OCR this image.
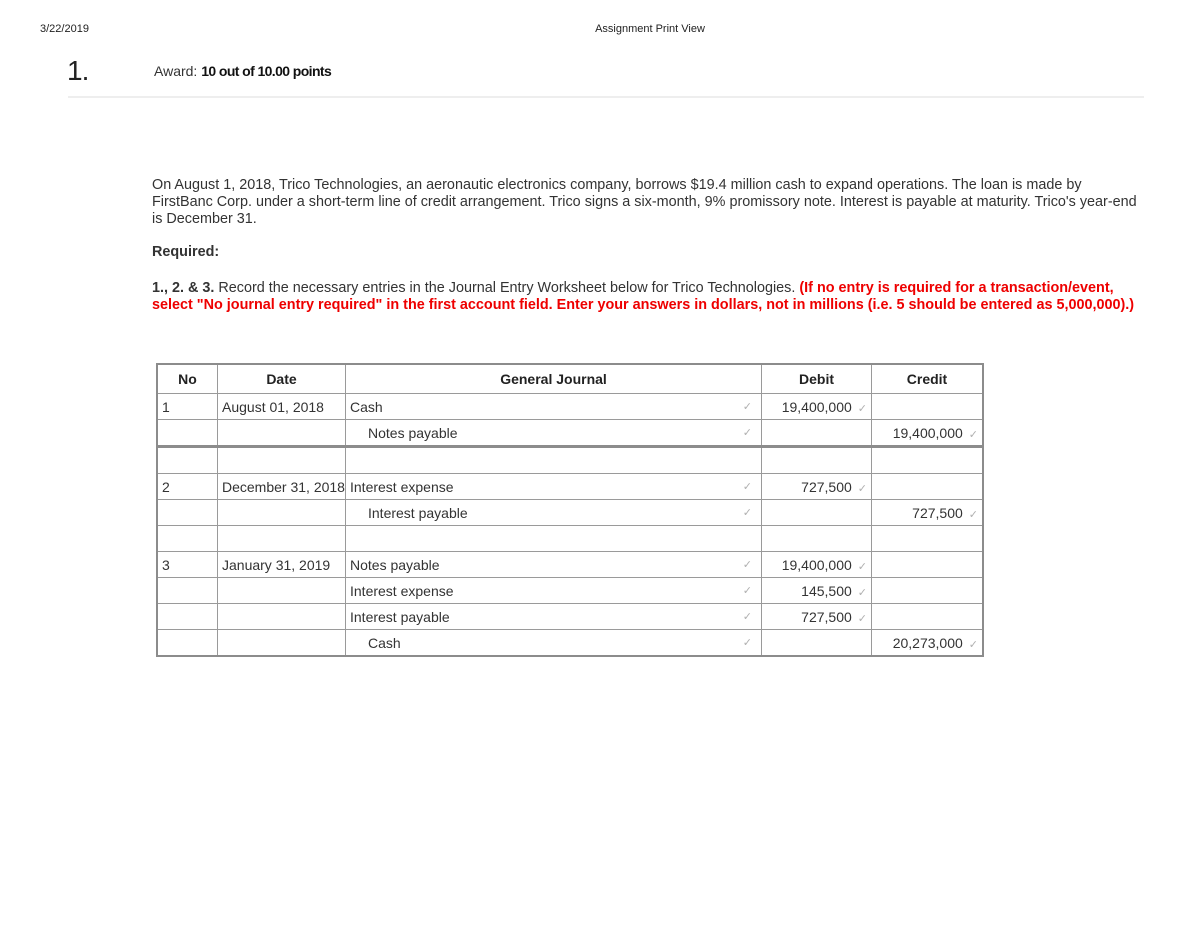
3/22/2019	Assignment Print View
1.	Award: 10 out of 10.00 points

On August 1, 2018, Trico Technologies, an aeronautic electronics company, borrows $19.4 million cash to expand operations. The loan is made by FirstBanc Corp. under a short-term line of credit arrangement. Trico signs a six-month, 9% promissory note. Interest is payable at maturity. Trico's year-end is December 31.

Required:

1., 2. & 3. Record the necessary entries in the Journal Entry Worksheet below for Trico Technologies. (If no entry is required for a transaction/event, select "No journal entry required" in the first account field. Enter your answers in dollars, not in millions (i.e. 5 should be entered as 5,000,000).)

No	Date	General Journal	Debit	Credit
1	August 01, 2018	Cash ✓	19,400,000 ✓	
		Notes payable ✓		19,400,000 ✓

2	December 31, 2018	Interest expense ✓	727,500 ✓	
		Interest payable ✓		727,500 ✓

3	January 31, 2019	Notes payable ✓	19,400,000 ✓	
		Interest expense ✓	145,500 ✓	
		Interest payable ✓	727,500 ✓	
		Cash ✓		20,273,000 ✓
